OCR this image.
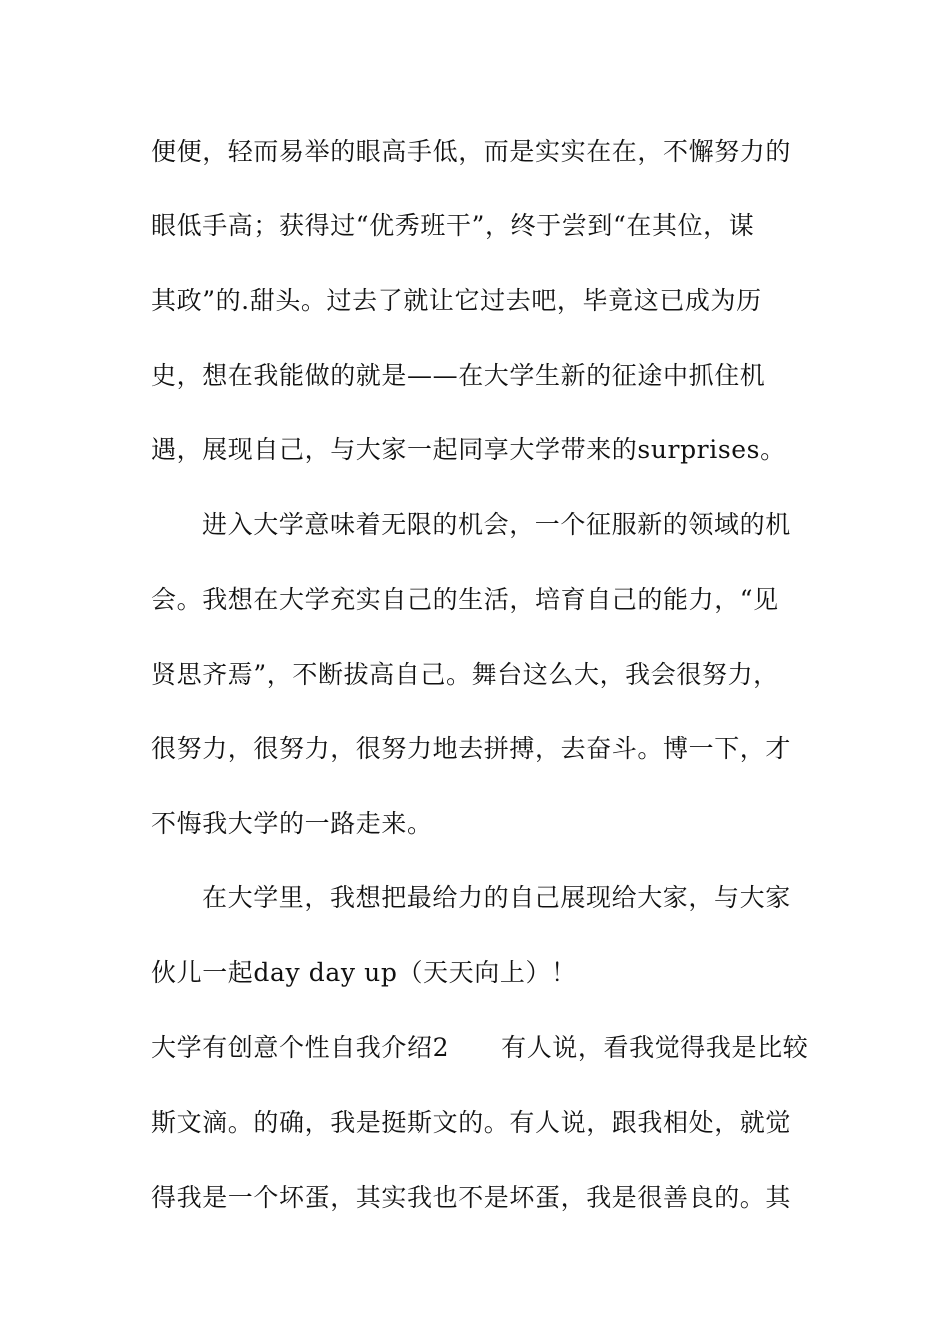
便便，轻而易举的眼高手低，而是实实在在，不懈努力的
眼低手高；获得过“优秀班干”，终于尝到“在其位，谋
其政”的.甜头。过去了就让它过去吧，毕竟这已成为历
史，想在我能做的就是——在大学生新的征途中抓住机
遇，展现自己，与大家一起同享大学带来的surprises。
进入大学意味着无限的机会，一个征服新的领域的机
会。我想在大学充实自己的生活，培育自己的能力，“见
贤思齐焉”，不断拔高自己。舞台这么大，我会很努力，
很努力，很努力，很努力地去拼搏，去奋斗。博一下，才
不悔我大学的一路走来。
在大学里，我想把最给力的自己展现给大家，与大家
伙儿一起day day up（天天向上）！
大学有创意个性自我介绍2 有人说，看我觉得我是比较
斯文滴。的确，我是挺斯文的。有人说，跟我相处，就觉
得我是一个坏蛋，其实我也不是坏蛋，我是很善良的。其
